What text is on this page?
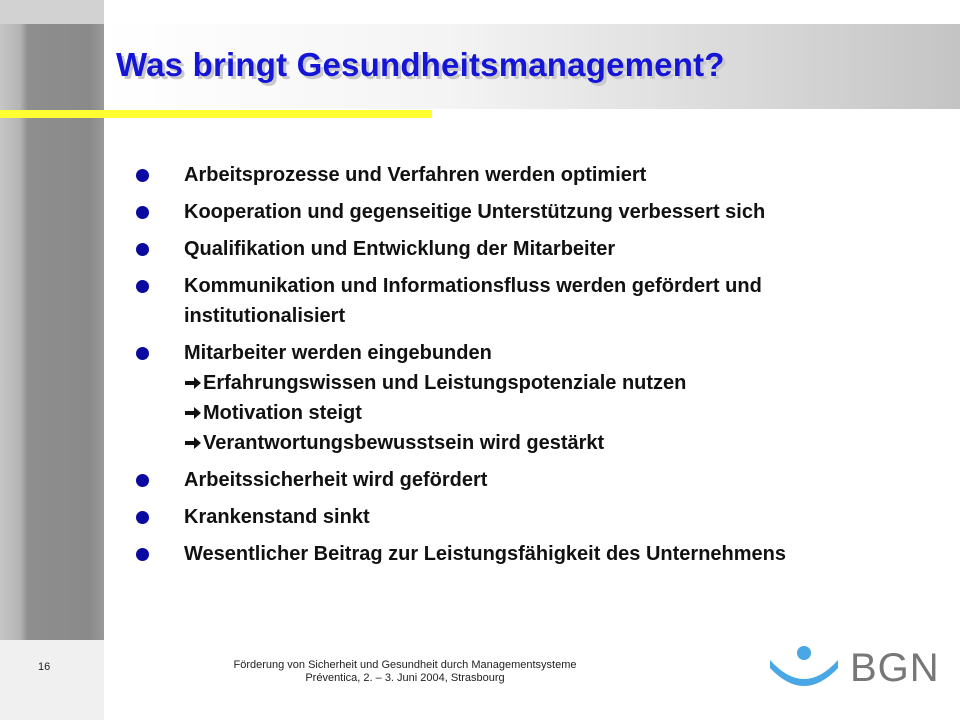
Was bringt Gesundheitsmanagement?
Arbeitsprozesse und Verfahren werden optimiert
Kooperation und gegenseitige Unterstützung verbessert sich
Qualifikation und Entwicklung der Mitarbeiter
Kommunikation und Informationsfluss werden gefördert und
institutionalisiert
Mitarbeiter werden eingebunden
Erfahrungswissen und Leistungspotenziale nutzen
Motivation steigt
Verantwortungsbewusstsein wird gestärkt
Arbeitssicherheit wird gefördert
Krankenstand sinkt
Wesentlicher Beitrag zur Leistungsfähigkeit des Unternehmens
16	Förderung von Sicherheit und Gesundheit durch Managementsysteme
Préventica, 2. – 3. Juni 2004, Strasbourg	BGN
